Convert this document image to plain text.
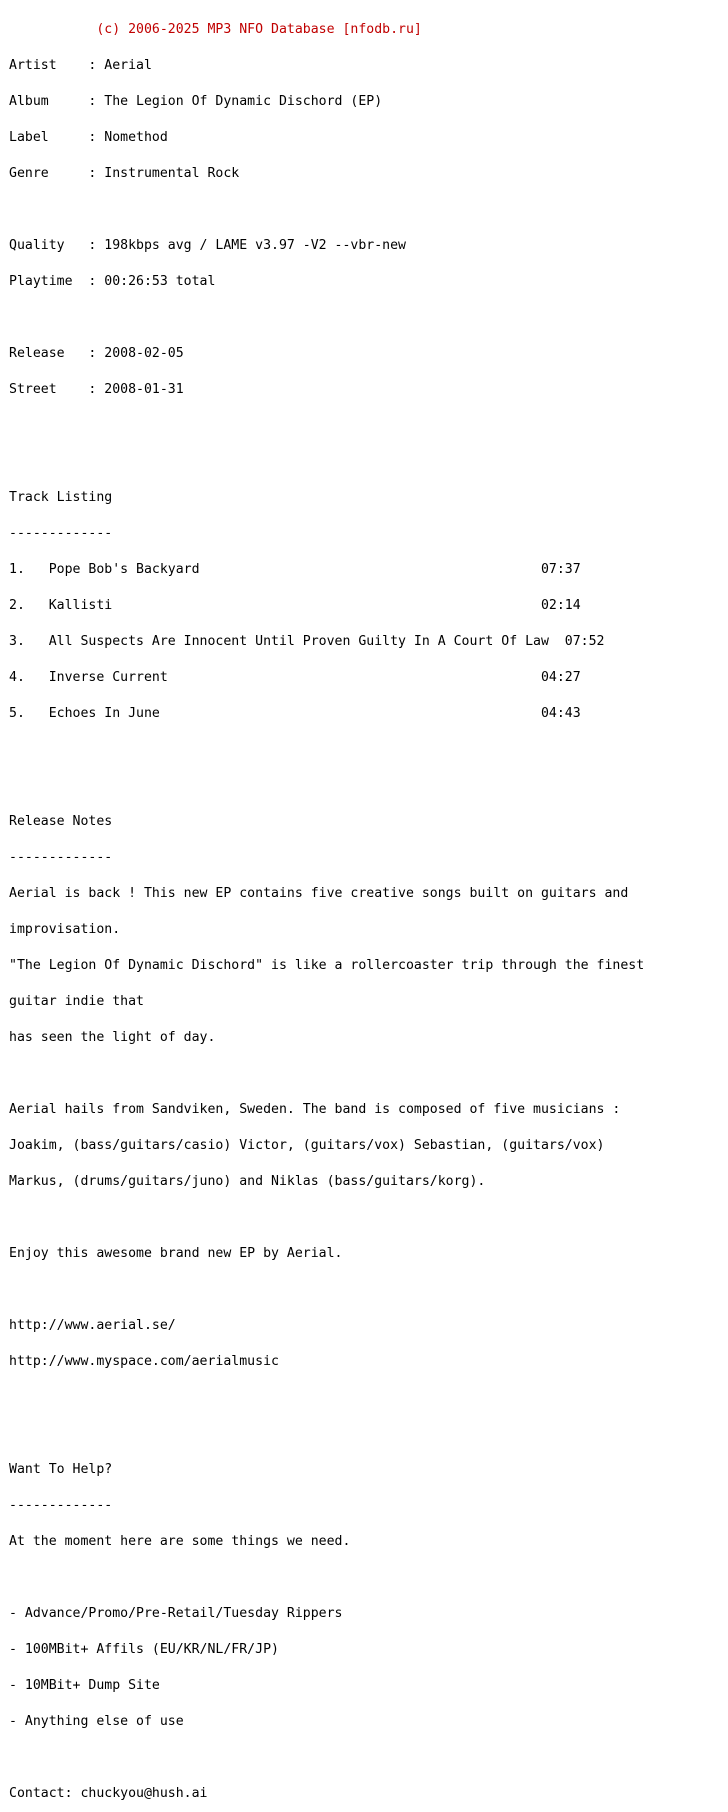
(c) 2006-2025 MP3 NFO Database [nfodb.ru]

Artist    : Aerial

Album     : The Legion Of Dynamic Dischord (EP)

Label     : Nomethod

Genre     : Instrumental Rock

Quality   : 198kbps avg / LAME v3.97 -V2 --vbr-new

Playtime  : 00:26:53 total

Release   : 2008-02-05

Street    : 2008-01-31

Track Listing

-------------

1.   Pope Bob's Backyard                                           07:37

2.   Kallisti                                                      02:14

3.   All Suspects Are Innocent Until Proven Guilty In A Court Of Law  07:52

4.   Inverse Current                                               04:27

5.   Echoes In June                                                04:43

Release Notes

-------------

Aerial is back ! This new EP contains five creative songs built on guitars and

improvisation.

"The Legion Of Dynamic Dischord" is like a rollercoaster trip through the finest

guitar indie that

has seen the light of day.

Aerial hails from Sandviken, Sweden. The band is composed of five musicians :

Joakim, (bass/guitars/casio) Victor, (guitars/vox) Sebastian, (guitars/vox)

Markus, (drums/guitars/juno) and Niklas (bass/guitars/korg).

Enjoy this awesome brand new EP by Aerial.

http://www.aerial.se/

http://www.myspace.com/aerialmusic

Want To Help?

-------------

At the moment here are some things we need.

- Advance/Promo/Pre-Retail/Tuesday Rippers

- 100MBit+ Affils (EU/KR/NL/FR/JP)

- 10MBit+ Dump Site

- Anything else of use

Contact: chuckyou@hush.ai
